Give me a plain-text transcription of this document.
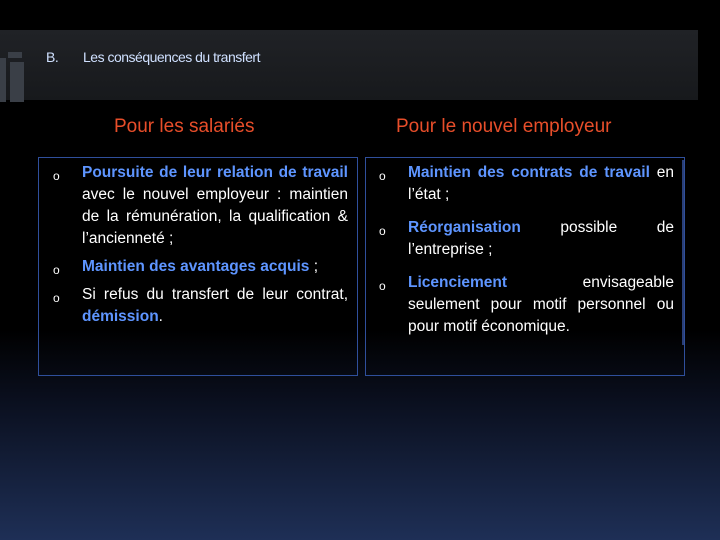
B. Les conséquences du transfert
Pour les salariés	Pour le nouvel employeur
o Poursuite de leur relation de travail avec le nouvel employeur : maintien de la rémunération, la qualification & l’ancienneté ;
o Maintien des avantages acquis ;
o Si refus du transfert de leur contrat, démission.
o Maintien des contrats de travail en l’état ;
o Réorganisation possible de l’entreprise ;
o Licenciement envisageable seulement pour motif personnel ou pour motif économique.
